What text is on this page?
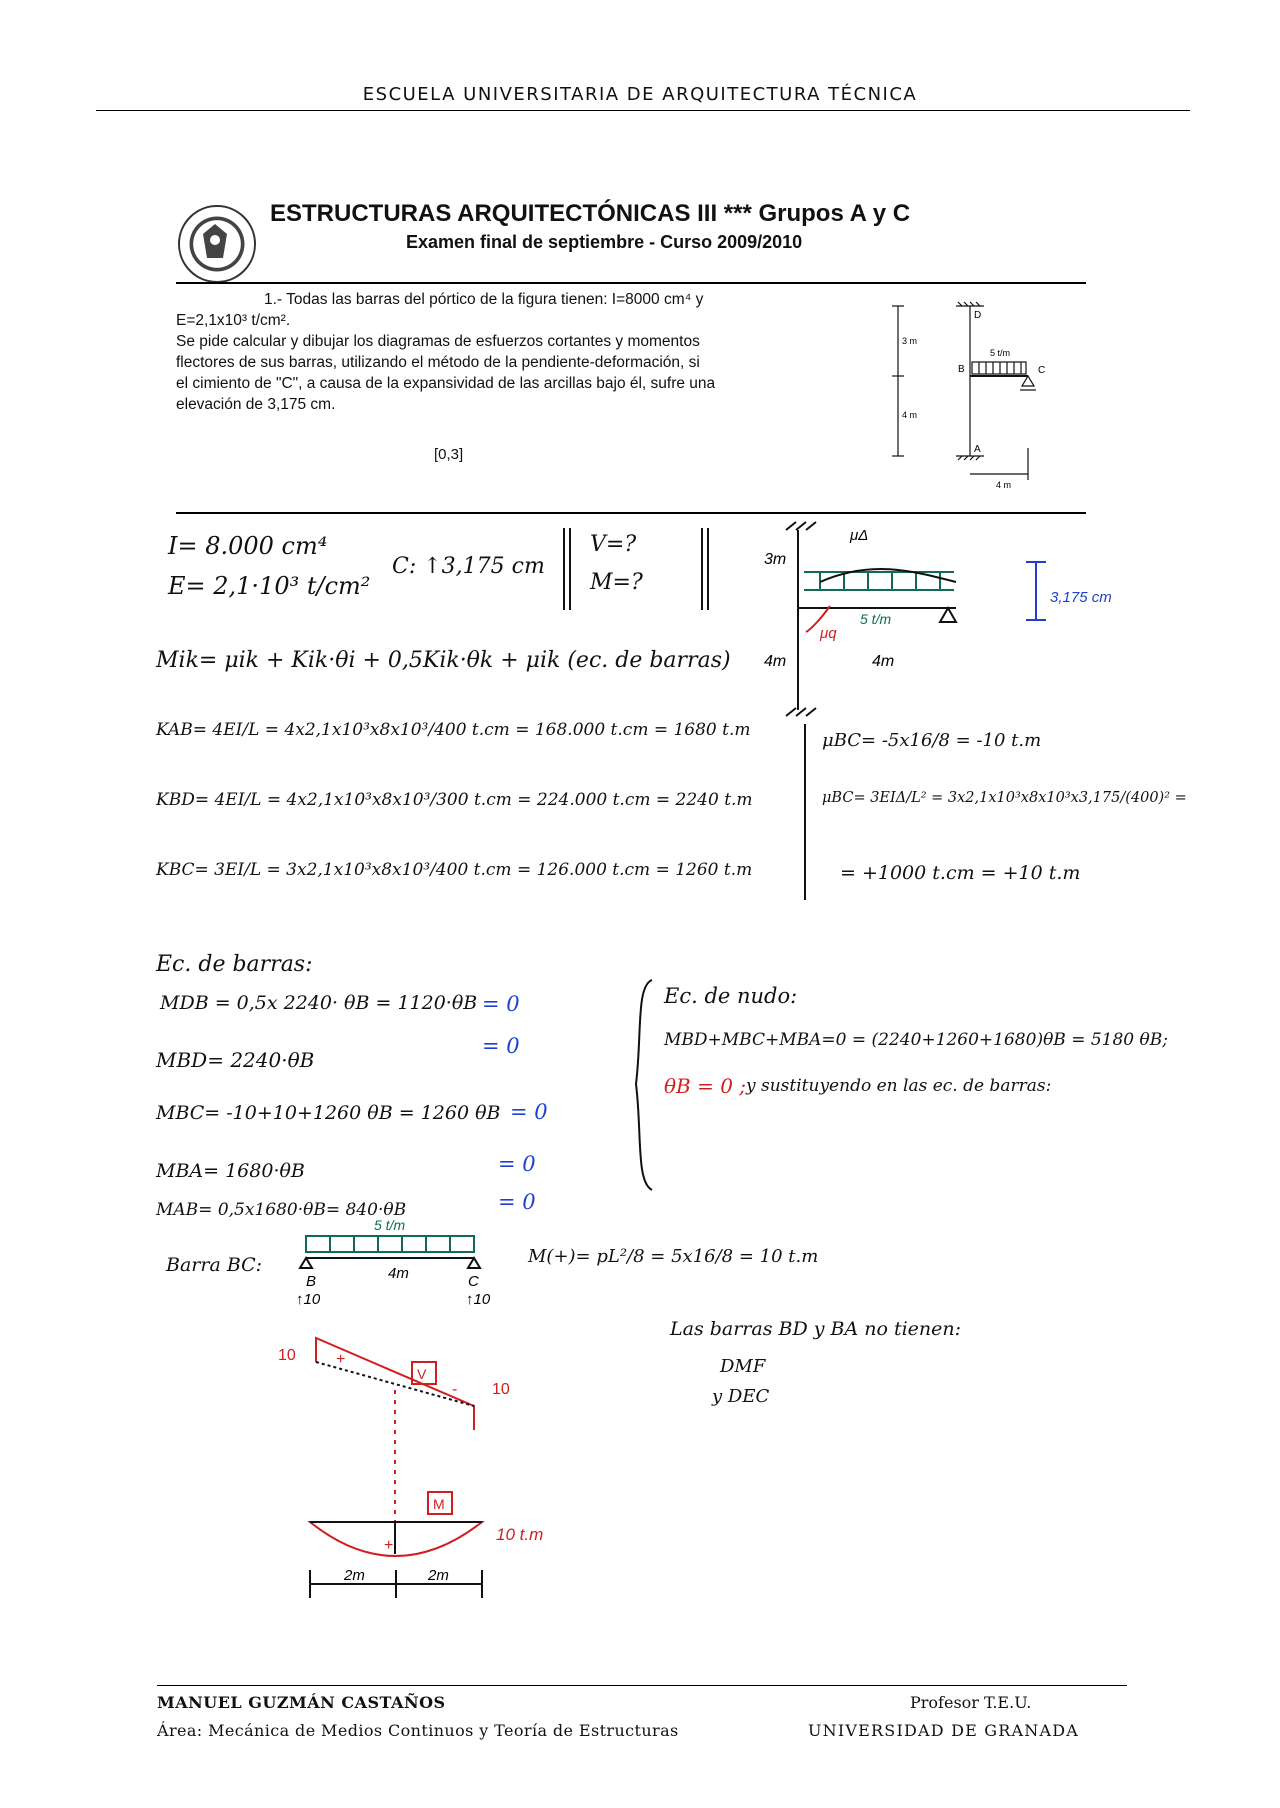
ESCUELA UNIVERSITARIA DE ARQUITECTURA TÉCNICA
ESTRUCTURAS ARQUITECTÓNICAS III *** Grupos A y C
Examen final de septiembre - Curso 2009/2010

1.- Todas las barras del pórtico de la figura tienen: I=8000 cm⁴ y

E=2,1x10³ t/cm².

Se pide calcular y dibujar los diagramas de esfuerzos cortantes y momentos

flectores de sus barras, utilizando el método de la pendiente-deformación, si

el cimiento de "C", a causa de la expansividad de las arcillas bajo él, sufre una

elevación de 3,175 cm.

[0,3]
D
B
A
C
3 m
4 m
4 m
5 t/m
I= 8.000 cm⁴
E= 2,1·10³ t/cm²
C: ↑3,175 cm
V=?
M=?
3m
4m	4m
5 t/m
3,175 cm
μΔ
μq
Mik= μik + Kik·θi + 0,5Kik·θk + μik (ec. de barras)
KAB= 4EI/L = 4x2,1x10³x8x10³/400 t.cm = 168.000 t.cm = 1680 t.m
KBD= 4EI/L = 4x2,1x10³x8x10³/300 t.cm = 224.000 t.cm = 2240 t.m
KBC= 3EI/L = 3x2,1x10³x8x10³/400 t.cm = 126.000 t.cm = 1260 t.m
μBC= -5x16/8 = -10 t.m
μBC= 3EIΔ/L² = 3x2,1x10³x8x10³x3,175/(400)² =
= +1000 t.cm = +10 t.m
Ec. de barras:
MDB = 0,5x 2240· θB = 1120·θB
MBD= 2240·θB
MBC= -10+10+1260 θB = 1260 θB
MBA= 1680·θB
MAB= 0,5x1680·θB= 840·θB
= 0
= 0
= 0
= 0
= 0
Ec. de nudo:
MBD+MBC+MBA=0 = (2240+1260+1680)θB = 5180 θB;
θB = 0 ; y sustituyendo en las ec. de barras:
Barra BC:
5 t/m
4m
B	C
↑10	↑10
V
M
10
10
+
-
+
10 t.m
2m	2m
M(+)= pL²/8 = 5x16/8 = 10 t.m
Las barras BD y BA no tienen:
DMF
y DEC
MANUEL GUZMÁN CASTAÑOS
Área: Mecánica de Medios Continuos y Teoría de Estructuras
Profesor T.E.U.
UNIVERSIDAD DE GRANADA
